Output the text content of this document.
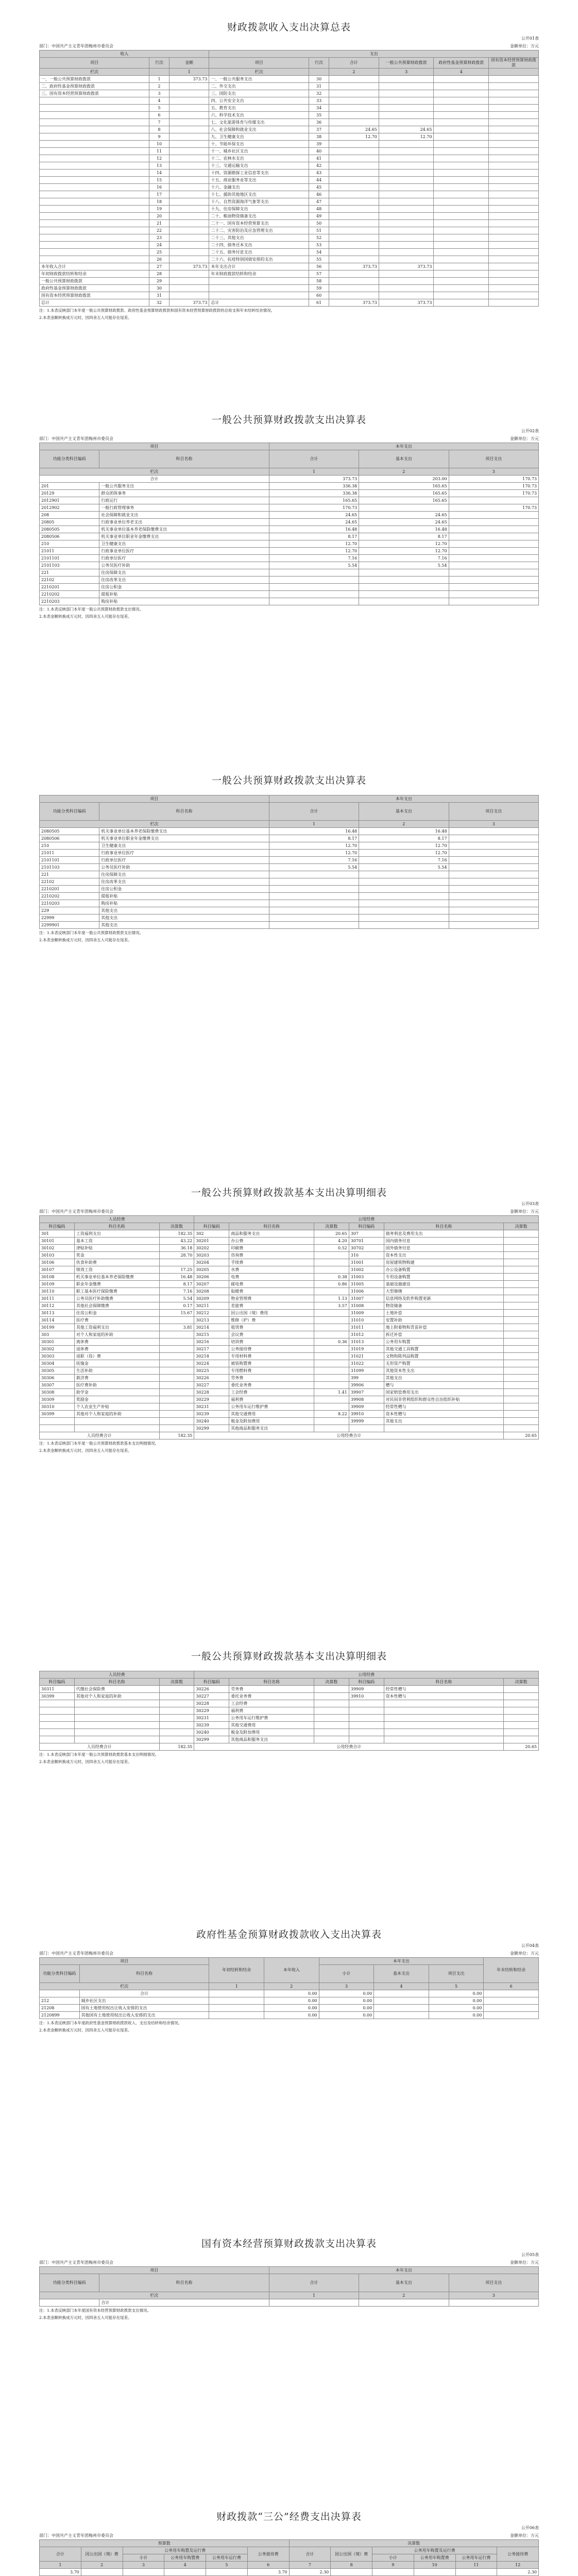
财政拨款收入支出决算总表
公开01表
部门：中国共产主义青年团梅州市委员会	金额单位：万元
收入			支出					
项目	行次	金额	项目	行次	合计	一般公共预算财政拨款	政府性基金预算财政拨款	国有资本经营预算财政拨款

栏次		1	栏次		2	3	4	
一、一般公共预算财政拨款	1	373.73	一、一般公共服务支出	30				
二、政府性基金预算财政拨款	2		二、外交支出	31				
三、国有资本经营预算财政拨款	3		三、国防支出	32				
	4		四、公共安全支出	33				
	5		五、教育支出	34				
	6		六、科学技术支出	35				
	7		七、文化旅游体育与传媒支出	36				
	8		八、社会保障和就业支出	37	24.65	24.65		
	9		九、卫生健康支出	38	12.70	12.70		
	10		十、节能环保支出	39				
	11		十一、城乡社区支出	40				
	12		十二、农林水支出	41				
	13		十三、交通运输支出	42				
	14		十四、资源勘探工业信息等支出	43				
	15		十五、商业服务业等支出	44				
	16		十六、金融支出	45				
	17		十七、援助其他地区支出	46				
	18		十八、自然资源海洋气象等支出	47				
	19		十九、住房保障支出	48				
	20		二十、粮油物资储备支出	49				
	21		二十一、国有资本经营预算支出	50				
	22		二十二、灾害防治及应急管理支出	51				
	23		二十三、其他支出	52				
	24		二十四、债务还本支出	53				
	25		二十五、债务付息支出	54				
	26		二十六、抗疫特别国债安排的支出	55				
本年收入合计	27	373.73	本年支出合计	56	373.73	373.73		
年初财政拨款结转和结余	28		年末财政拨款结转和结余	57				
一般公共预算财政拨款	29			58				
政府性基金预算财政拨款	30			59				
国有资本经营预算财政拨款	31			60				
总计	32	373.73	总计	61	373.73	373.73		
注：1.本表反映部门本年度一般公共预算财政拨款、政府性基金预算财政拨款和国有资本经营预算财政拨款的总收支和年末结转结余情况。
2.本表金额转换成万元时，因四舍五入可能存在尾差。
一般公共预算财政拨款支出决算表
公开02表
部门：中国共产主义青年团梅州市委员会	金额单位：万元
项目		本年支出		
功能分类科目编码	科目名称	合计	基本支出	项目支出
栏次		1	2	3
合计		373.73	203.00	170.73
201	一般公共服务支出	336.38	165.65	170.73
20129	群众团体事务	336.38	165.65	170.73
2012901	行政运行	165.65	165.65	
2012902	一般行政管理事务	170.73		170.73
208	社会保障和就业支出	24.65	24.65	
20805	行政事业单位养老支出	24.65	24.65	
2080505	机关事业单位基本养老保险缴费支出	16.48	16.48	
2080506	机关事业单位职业年金缴费支出	8.17	8.17	
210	卫生健康支出	12.70	12.70	
21011	行政事业单位医疗	12.70	12.70	
2101101	行政单位医疗	7.16	7.16	
2101103	公务员医疗补助	5.54	5.54	
221	住房保障支出			
22102	住房改革支出			
2210201	住房公积金			
2210202	提租补贴			
2210203	购房补贴			
注：1.本表反映部门本年度一般公共预算财政拨款支出情况。
2.本表金额转换成万元时，因四舍五入可能存在尾差。
一般公共预算财政拨款支出决算表
项目		本年支出		
功能分类科目编码	科目名称	合计	基本支出	项目支出
栏次		1	2	3
2080505	机关事业单位基本养老保险缴费支出	16.48	16.48	
2080506	机关事业单位职业年金缴费支出	8.17	8.17	
210	卫生健康支出	12.70	12.70	
21011	行政事业单位医疗	12.70	12.70	
2101101	行政单位医疗	7.16	7.16	
2101103	公务员医疗补助	5.54	5.54	
221	住房保障支出			
22102	住房改革支出			
2210201	住房公积金			
2210202	提租补贴			
2210203	购房补贴			
229	其他支出			
22999	其他支出			
2299901	其他支出			
注：1.本表反映部门本年度一般公共预算财政拨款支出情况。
2.本表金额转换成万元时，因四舍五入可能存在尾差。
一般公共预算财政拨款基本支出决算明细表
公开03表
部门：中国共产主义青年团梅州市委员会	金额单位：万元
人员经费			公用经费					
科目编码	科目名称	决算数	科目编码	科目名称	决算数	科目编码	科目名称	决算数
301	工资福利支出	182.35	302	商品和服务支出	20.65	307	债务利息及费用支出	
30101	基本工资	43.22	30201	办公费	4.20	30701	国内债务付息	
30102	津贴补贴	36.18	30202	印刷费	0.52	30702	国外债务付息	
30103	奖金	28.70	30203	咨询费		310	资本性支出	
30106	伙食补助费		30204	手续费		31001	房屋建筑物购建	
30107	绩效工资	17.25	30205	水费		31002	办公设备购置	
30108	机关事业单位基本养老保险缴费	16.48	30206	电费	0.38	31003	专用设备购置	
30109	职业年金缴费	8.17	30207	邮电费	0.86	31005	基础设施建设	
30110	职工基本医疗保险缴费	7.16	30208	取暖费		31006	大型修缮	
30111	公务员医疗补助缴费	5.54	30209	物业管理费	1.13	31007	信息网络及软件购置更新	
30112	其他社会保障缴费	0.17	30211	差旅费	3.57	31008	物资储备	
30113	住房公积金	15.67	30212	因公出国（境）费用		31009	土地补偿	
30114	医疗费		30213	维修（护）费		31010	安置补助	
30199	其他工资福利支出	3.81	30214	租赁费		31011	地上附着物和青苗补偿	
303	对个人和家庭的补助		30215	会议费		31012	拆迁补偿	
30301	离休费		30216	培训费	0.36	31013	公务用车购置	
30302	退休费		30217	公务接待费		31019	其他交通工具购置	
30303	退职（役）费		30218	专用材料费		31021	文物和陈列品购置	
30304	抚恤金		30224	被装购置费		31022	无形资产购置	
30305	生活补助		30225	专用燃料费		31099	其他资本性支出	
30306	救济费		30226	劳务费		399	其他支出	
30307	医疗费补助		30227	委托业务费		39906	赠与	
30308	助学金		30228	工会经费	1.41	39907	国家赔偿费用支出	
30309	奖励金		30229	福利费		39908	对民间非营利组织和群众性自治组织补贴	
30310	个人农业生产补贴		30231	公务用车运行维护费		39909	经常性赠与	
30399	其他对个人和家庭的补助		30239	其他交通费用	8.22	39910	资本性赠与	
			30240	税金及附加费用		39999	其他支出	
			30299	其他商品和服务支出				
人员经费合计		182.35	公用经费合计					20.65
注：1.本表反映部门本年度一般公共预算财政拨款基本支出明细情况。
2.本表金额转换成万元时，因四舍五入可能存在尾差。
一般公共预算财政拨款基本支出决算明细表
人员经费			公用经费					
科目编码	科目名称	决算数	科目编码	科目名称	决算数	科目编码	科目名称	决算数
30311	代缴社会保险费		30226	劳务费		39909	经常性赠与	
30399	其他对个人和家庭的补助		30227	委托业务费		39910	资本性赠与	
			30228	工会经费				
			30229	福利费				
			30231	公务用车运行维护费				
			30239	其他交通费用				
			30240	税金及附加费用				
			30299	其他商品和服务支出				
人员经费合计		182.35	公用经费合计					20.65
注：1.本表反映部门本年度一般公共预算财政拨款基本支出明细情况。
2.本表金额转换成万元时，因四舍五入可能存在尾差。
政府性基金预算财政拨款收入支出决算表
公开04表
部门：中国共产主义青年团梅州市委员会	金额单位：万元
项目		年初结转和结余	本年收入	本年支出			年末结转和结余
功能分类科目编码	科目名称			小计	基本支出	项目支出	
栏次		1	2	3	4	5	6
	合计		0.00	0.00		0.00	
212	城乡社区支出		0.00	0.00		0.00	
21208	国有土地使用权出让收入安排的支出		0.00	0.00		0.00	
2120899	其他国有土地使用权出让收入安排的支出		0.00	0.00		0.00	
注：1.本表反映部门本年度政府性基金预算财政拨款收入、支出及结转和结余情况。
2.本表金额转换成万元时，因四舍五入可能存在尾差。
国有资本经营预算财政拨款支出决算表
公开05表
部门：中国共产主义青年团梅州市委员会	金额单位：万元
项目		本年支出		
功能分类科目编码	科目名称	合计	基本支出	项目支出
栏次		1	2	3
	合计			
注：1.本表反映部门本年度国有资本经营预算财政拨款支出情况。
2.本表金额转换成万元时，因四舍五入可能存在尾差。
财政拨款“三公”经费支出决算表
公开06表
部门：中国共产主义青年团梅州市委员会	金额单位：万元
预算数						决算数					
合计	因公出国（境）费	公务用车购置及运行费			公务接待费	合计	因公出国（境）费	公务用车购置及运行费			公务接待费
		小计	公务用车购置费	公务用车运行费				小计	公务用车购置费	公务用车运行费	
1	2	3	4	5	6	7	8	9	10	11	12
3.70					3.70	2.30					2.30
